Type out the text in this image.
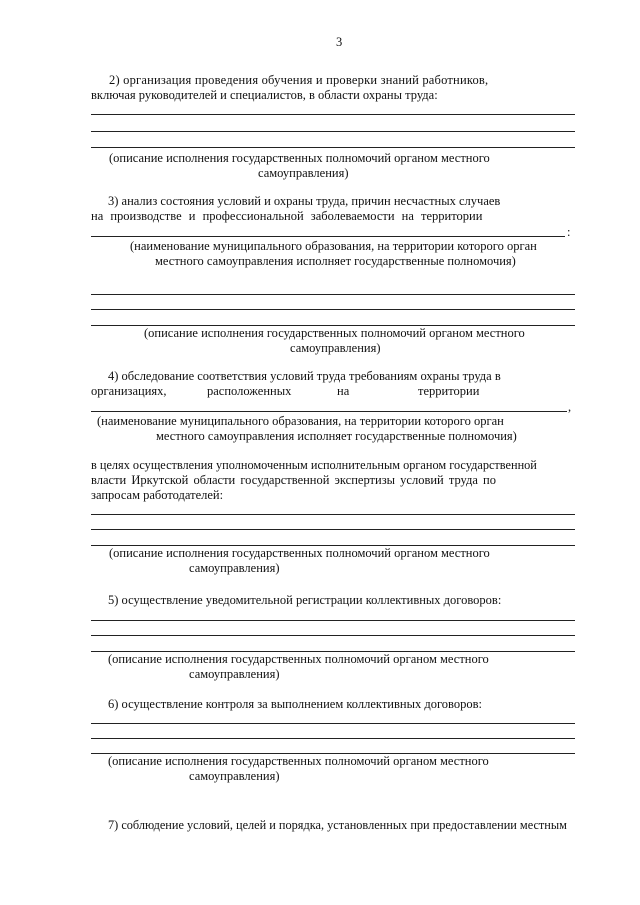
3
2) организация проведения обучения и проверки знаний работников,
включая руководителей и специалистов, в области охраны труда:
(описание исполнения государственных полномочий органом местного
самоуправления)
3) анализ состояния условий и охраны труда, причин несчастных случаев
на производстве и профессиональной заболеваемости на территории
:
(наименование муниципального образования, на территории которого орган
местного самоуправления исполняет государственные полномочия)
(описание исполнения государственных полномочий органом местного
самоуправления)
4) обследование соответствия условий труда требованиям охраны труда в
организациях,	расположенных	на	территории
,
(наименование муниципального образования, на территории которого орган
местного самоуправления исполняет государственные полномочия)
в целях осуществления уполномоченным исполнительным органом государственной
власти Иркутской области государственной экспертизы условий труда по
запросам работодателей:
(описание исполнения государственных полномочий органом местного
самоуправления)
5) осуществление уведомительной регистрации коллективных договоров:
(описание исполнения государственных полномочий органом местного
самоуправления)
6) осуществление контроля за выполнением коллективных договоров:
(описание исполнения государственных полномочий органом местного
самоуправления)
7) соблюдение условий, целей и порядка, установленных при предоставлении местным
